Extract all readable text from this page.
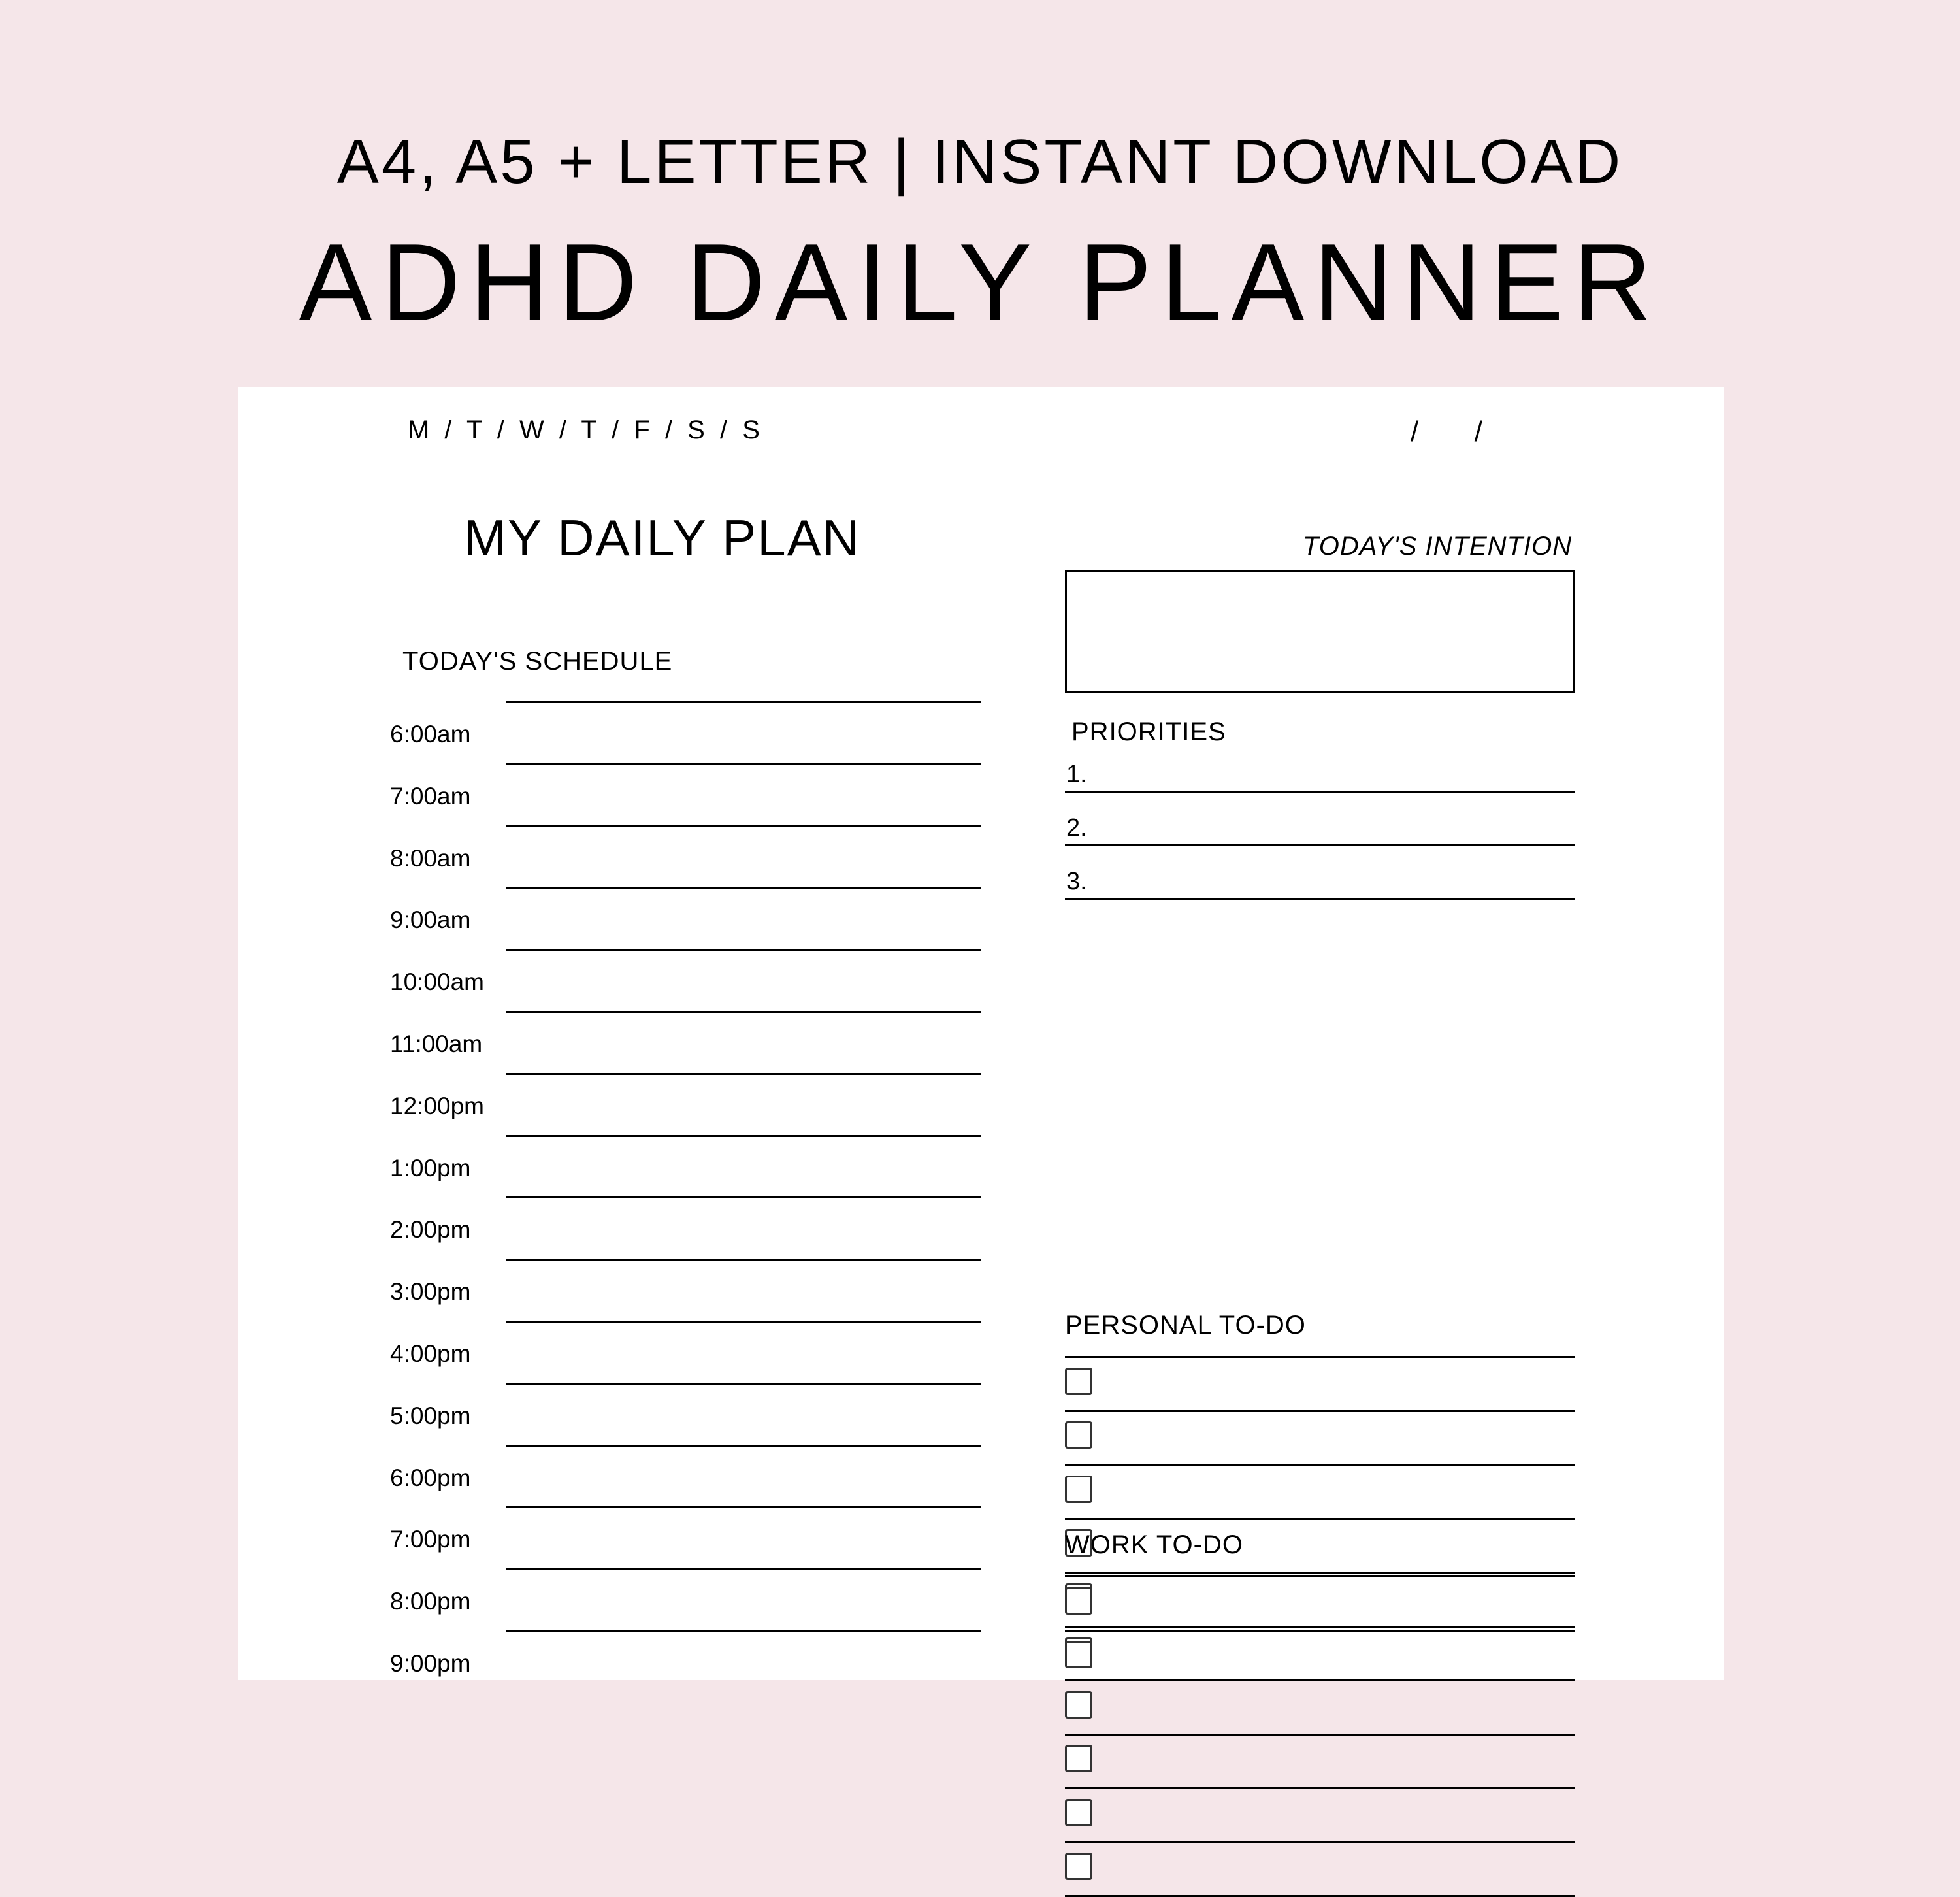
A4, A5 + LETTER | INSTANT DOWNLOAD
ADHD DAILY PLANNER
M / T / W / T / F / S / S	/       /
MY DAILY PLAN
TODAY'S SCHEDULE
6:00am
7:00am
8:00am
9:00am
10:00am
11:00am
12:00pm
1:00pm
2:00pm
3:00pm
4:00pm
5:00pm
6:00pm
7:00pm
8:00pm
9:00pm
TODAY'S INTENTION
PRIORITIES
1.
2.
3.
PERSONAL TO-DO
WORK TO-DO
